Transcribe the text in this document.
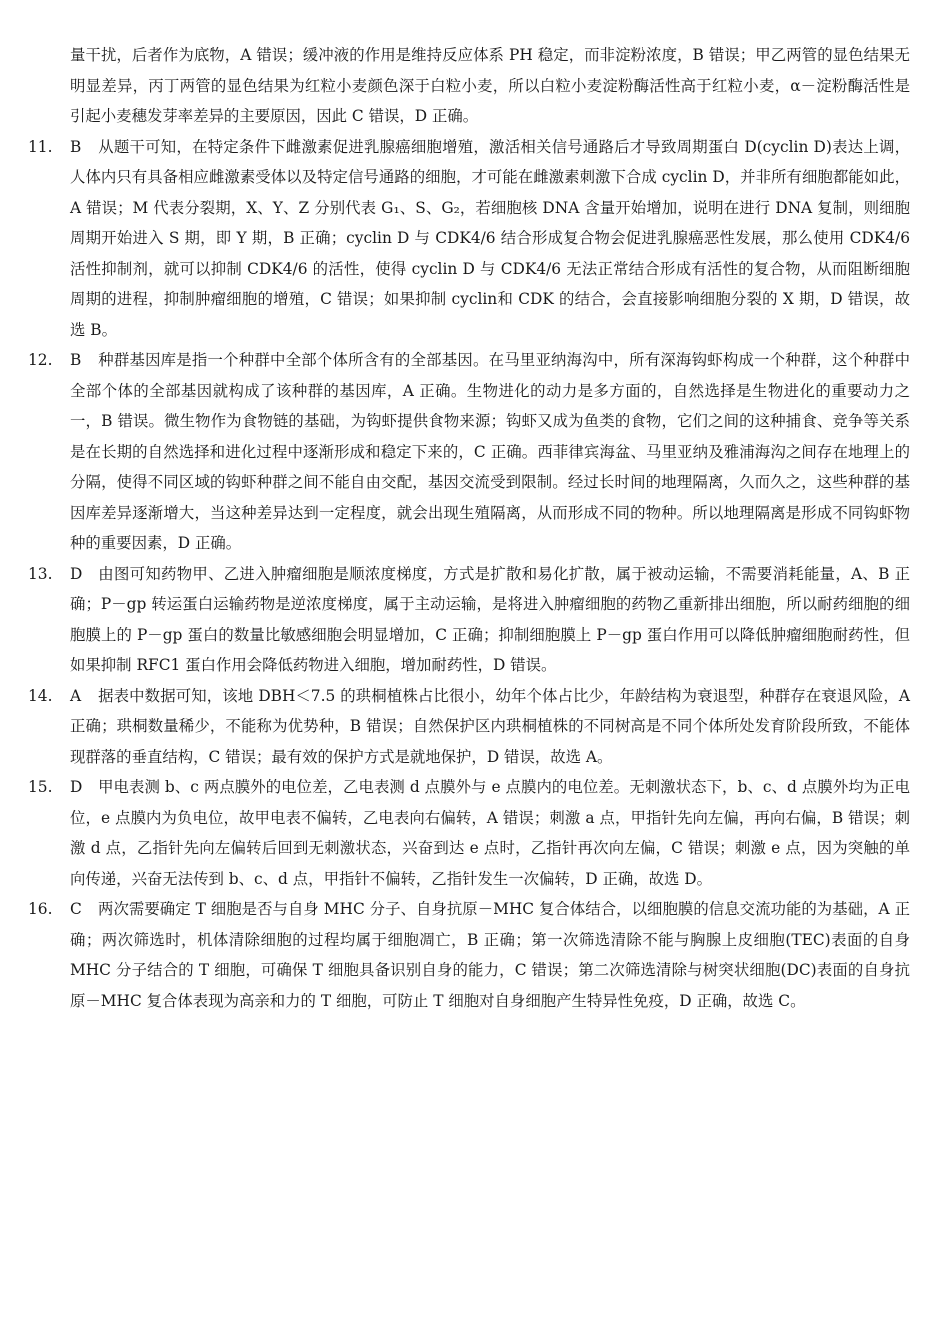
量干扰，后者作为底物，A 错误；缓冲液的作用是维持反应体系 PH 稳定，而非淀粉浓度，B 错误；甲乙两管的显色结果无明显差异，丙丁两管的显色结果为红粒小麦颜色深于白粒小麦，所以白粒小麦淀粉酶活性高于红粒小麦，α－淀粉酶活性是引起小麦穗发芽率差异的主要原因，因此 C 错误，D 正确。

11. B 从题干可知，在特定条件下雌激素促进乳腺癌细胞增殖，激活相关信号通路后才导致周期蛋白 D(cyclin D)表达上调，人体内只有具备相应雌激素受体以及特定信号通路的细胞，才可能在雌激素刺激下合成 cyclin D，并非所有细胞都能如此，A 错误；M 代表分裂期，X、Y、Z 分别代表 G₁、S、G₂，若细胞核 DNA 含量开始增加，说明在进行 DNA 复制，则细胞周期开始进入 S 期，即 Y 期，B 正确；cyclin D 与 CDK4/6 结合形成复合物会促进乳腺癌恶性发展，那么使用 CDK4/6 活性抑制剂，就可以抑制 CDK4/6 的活性，使得 cyclin D 与 CDK4/6 无法正常结合形成有活性的复合物，从而阻断细胞周期的进程，抑制肿瘤细胞的增殖，C 错误；如果抑制 cyclin和 CDK 的结合，会直接影响细胞分裂的 X 期，D 错误，故选 B。

12. B 种群基因库是指一个种群中全部个体所含有的全部基因。在马里亚纳海沟中，所有深海钩虾构成一个种群，这个种群中全部个体的全部基因就构成了该种群的基因库，A 正确。生物进化的动力是多方面的，自然选择是生物进化的重要动力之一，B 错误。微生物作为食物链的基础，为钩虾提供食物来源；钩虾又成为鱼类的食物，它们之间的这种捕食、竞争等关系是在长期的自然选择和进化过程中逐渐形成和稳定下来的，C 正确。西菲律宾海盆、马里亚纳及雅浦海沟之间存在地理上的分隔，使得不同区域的钩虾种群之间不能自由交配，基因交流受到限制。经过长时间的地理隔离，久而久之，这些种群的基因库差异逐渐增大，当这种差异达到一定程度，就会出现生殖隔离，从而形成不同的物种。所以地理隔离是形成不同钩虾物种的重要因素，D 正确。

13. D 由图可知药物甲、乙进入肿瘤细胞是顺浓度梯度，方式是扩散和易化扩散，属于被动运输，不需要消耗能量，A、B 正确；P－gp 转运蛋白运输药物是逆浓度梯度，属于主动运输，是将进入肿瘤细胞的药物乙重新排出细胞，所以耐药细胞的细胞膜上的 P－gp 蛋白的数量比敏感细胞会明显增加，C 正确；抑制细胞膜上 P－gp 蛋白作用可以降低肿瘤细胞耐药性，但如果抑制 RFC1 蛋白作用会降低药物进入细胞，增加耐药性，D 错误。

14. A 据表中数据可知，该地 DBH＜7.5 的珙桐植株占比很小，幼年个体占比少，年龄结构为衰退型，种群存在衰退风险，A 正确；珙桐数量稀少，不能称为优势种，B 错误；自然保护区内珙桐植株的不同树高是不同个体所处发育阶段所致，不能体现群落的垂直结构，C 错误；最有效的保护方式是就地保护，D 错误，故选 A。

15. D 甲电表测 b、c 两点膜外的电位差，乙电表测 d 点膜外与 e 点膜内的电位差。无刺激状态下，b、c、d 点膜外均为正电位，e 点膜内为负电位，故甲电表不偏转，乙电表向右偏转，A 错误；刺激 a 点，甲指针先向左偏，再向右偏，B 错误；刺激 d 点，乙指针先向左偏转后回到无刺激状态，兴奋到达 e 点时，乙指针再次向左偏，C 错误；刺激 e 点，因为突触的单向传递，兴奋无法传到 b、c、d 点，甲指针不偏转，乙指针发生一次偏转，D 正确，故选 D。

16. C 两次需要确定 T 细胞是否与自身 MHC 分子、自身抗原－MHC 复合体结合，以细胞膜的信息交流功能的为基础，A 正确；两次筛选时，机体清除细胞的过程均属于细胞凋亡，B 正确；第一次筛选清除不能与胸腺上皮细胞(TEC)表面的自身 MHC 分子结合的 T 细胞，可确保 T 细胞具备识别自身的能力，C 错误；第二次筛选清除与树突状细胞(DC)表面的自身抗原－MHC 复合体表现为高亲和力的 T 细胞，可防止 T 细胞对自身细胞产生特异性免疫，D 正确，故选 C。
